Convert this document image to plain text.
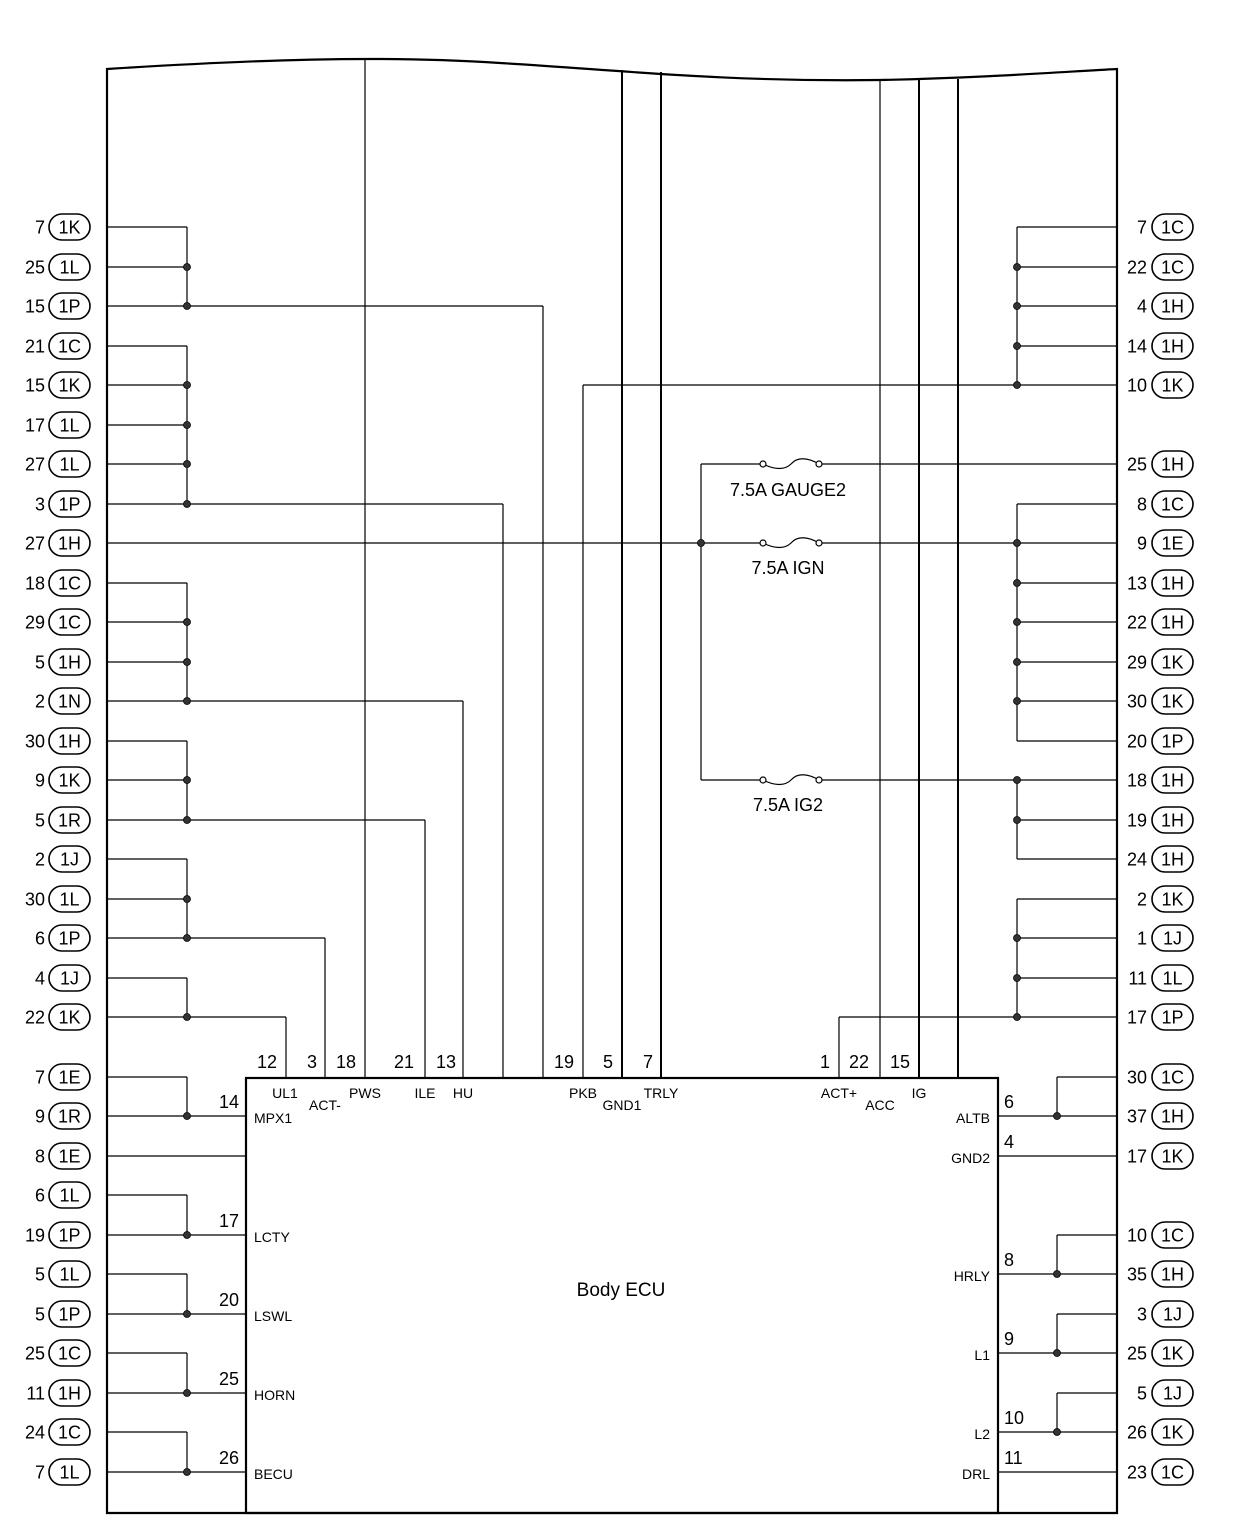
Body ECU
7.5A GAUGE2
7.5A IGN
7.5A IG2
7 1K
25 1L
15 1P
21 1C
15 1K
17 1L
27 1L
3 1P
27 1H
18 1C
29 1C
5 1H
2 1N
30 1H
9 1K
5 1R
2 1J
30 1L
6 1P
4 1J
22 1K
7 1E
9 1R
8 1E
6 1L
19 1P
5 1L
5 1P
25 1C
11 1H
24 1C
7 1L
7 1C
22 1C
4 1H
14 1H
10 1K
25 1H
8 1C
9 1E
13 1H
22 1H
29 1K
30 1K
20 1P
18 1H
19 1H
24 1H
2 1K
1 1J
11 1L
17 1P
30 1C
37 1H
17 1K
10 1C
35 1H
3 1J
25 1K
5 1J
26 1K
23 1C
12
UL1
3
ACT-
18
PWS
21
ILE
13
HU
19
PKB
5
GND1
7
TRLY
1
ACT+
22
ACC
15
IG
14
MPX1
17
LCTY
20
LSWL
25
HORN
26
BECU
6
ALTB
4
GND2
8
HRLY
9
L1
10
L2
11
DRL
